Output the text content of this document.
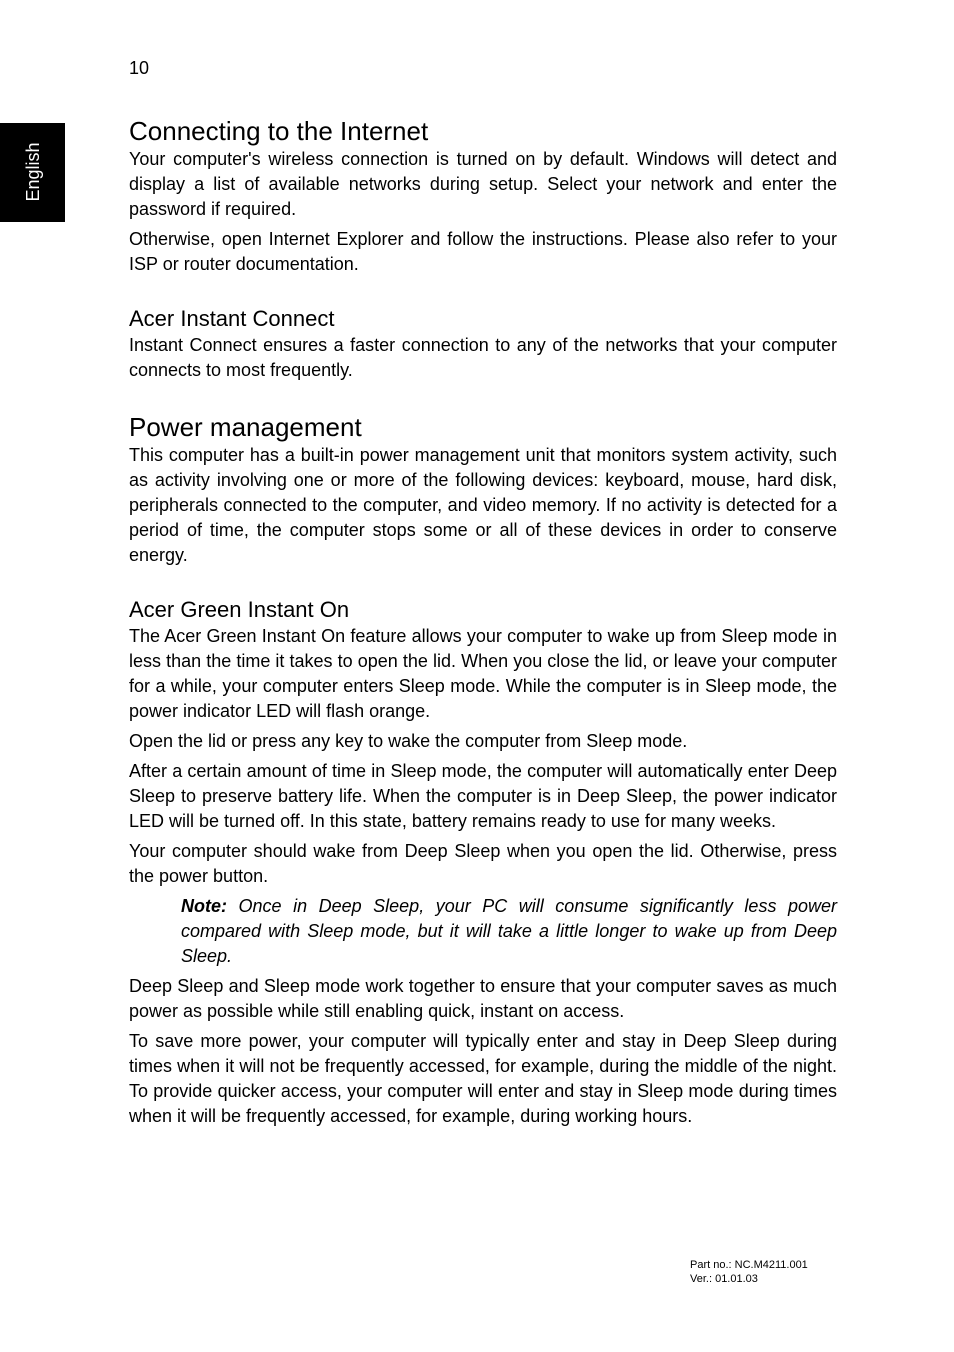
10
English
Connecting to the Internet

Your computer's wireless connection is turned on by default. Windows will detect and display a list of available networks during setup. Select your network and enter the password if required.

Otherwise, open Internet Explorer and follow the instructions. Please also refer to your ISP or router documentation.

Acer Instant Connect

Instant Connect ensures a faster connection to any of the networks that your computer connects to most frequently.

Power management

This computer has a built-in power management unit that monitors system activity, such as activity involving one or more of the following devices: keyboard, mouse, hard disk, peripherals connected to the computer, and video memory. If no activity is detected for a period of time, the computer stops some or all of these devices in order to conserve energy.

Acer Green Instant On

The Acer Green Instant On feature allows your computer to wake up from Sleep mode in less than the time it takes to open the lid. When you close the lid, or leave your computer for a while, your computer enters Sleep mode. While the computer is in Sleep mode, the power indicator LED will flash orange.

Open the lid or press any key to wake the computer from Sleep mode.

After a certain amount of time in Sleep mode, the computer will automatically enter Deep Sleep to preserve battery life. When the computer is in Deep Sleep, the power indicator LED will be turned off. In this state, battery remains ready to use for many weeks.

Your computer should wake from Deep Sleep when you open the lid. Otherwise, press the power button.

Note: Once in Deep Sleep, your PC will consume significantly less power compared with Sleep mode, but it will take a little longer to wake up from Deep Sleep.

Deep Sleep and Sleep mode work together to ensure that your computer saves as much power as possible while still enabling quick, instant on access.

To save more power, your computer will typically enter and stay in Deep Sleep during times when it will not be frequently accessed, for example, during the middle of the night. To provide quicker access, your computer will enter and stay in Sleep mode during times when it will be frequently accessed, for example, during working hours.

Part no.: NC.M4211.001
Ver.: 01.01.03
